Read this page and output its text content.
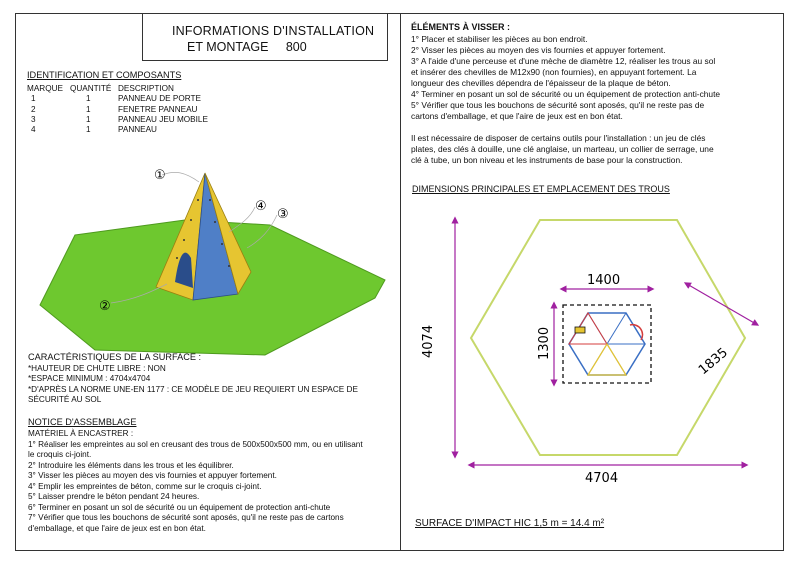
INFORMATIONS D'INSTALLATION
ET MONTAGE     800
IDENTIFICATION ET COMPOSANTS
MARQUE QUANTITÉ DESCRIPTION
1	1	PANNEAU DE PORTE
2	1	FENETRE PANNEAU
3	1	PANNEAU JEU MOBILE
4	1	PANNEAU
①
②
③
④
CARACTÉRISTIQUES DE LA SURFACE :
*HAUTEUR DE CHUTE LIBRE : NON
*ESPACE MINIMUM : 4704x4704
*D'APRÈS LA NORME UNE-EN 1177 : CE MODÈLE DE JEU REQUIERT UN ESPACE DE
SÉCURITÉ AU SOL
NOTICE D'ASSEMBLAGE
MATÉRIEL À ENCASTRER :
1° Réaliser les empreintes au sol en creusant des trous de 500x500x500 mm, ou en utilisant
le croquis ci-joint.
2° Introduire les éléments dans les trous et les équilibrer.
3° Visser les pièces au moyen des vis fournies et appuyer fortement.
4° Emplir les empreintes de béton, comme sur le croquis ci-joint.
5° Laisser prendre le béton pendant 24 heures.
6° Terminer en posant un sol de sécurité ou un équipement de protection anti-chute
7° Vérifier que tous les bouchons de sécurité sont aposés, qu'il ne reste pas de cartons
d'emballage, et que l'aire de jeux est en bon état.
ÉLÉMENTS À VISSER :
1° Placer et stabiliser les pièces au bon endroit.
2° Visser les pièces au moyen des vis fournies et appuyer fortement.
3° A l'aide d'une perceuse et d'une mèche de diamètre 12, réaliser les trous au sol
et insérer des chevilles de M12x90 (non fournies), en appuyant fortement. La
longueur des chevilles dépendra de l'épaisseur de la plaque de béton.
4° Terminer en posant un sol de sécurité ou un équipement de protection anti-chute
5° Vérifier que tous les bouchons de sécurité sont aposés, qu'il ne reste pas de
cartons d'emballage, et que l'aire de jeux est en bon état.
Il est nécessaire de disposer de certains outils pour l'installation : un jeu de clés
plates, des clés à douille, une clé anglaise, un marteau, un collier de serrage, une
clé à tube, un bon niveau et les instruments de base pour la construction.
DIMENSIONS PRINCIPALES ET EMPLACEMENT DES TROUS
4074
4704
1835
1400
1300
SURFACE D'IMPACT HIC 1,5 m = 14.4 m²
